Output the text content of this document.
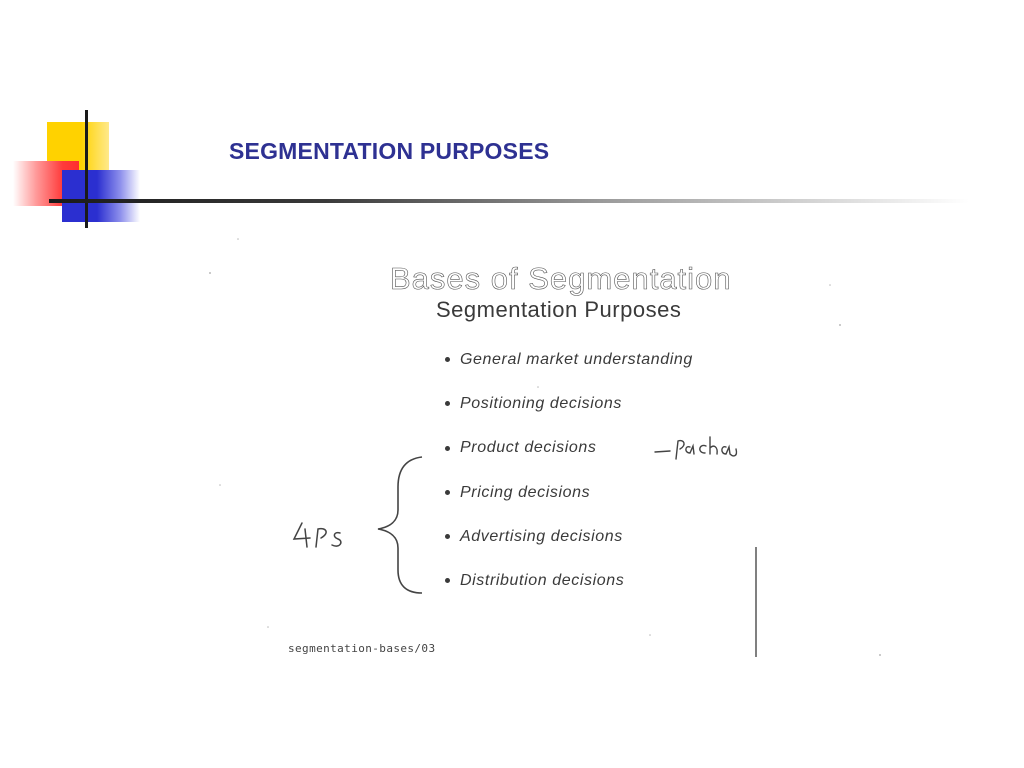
SEGMENTATION PURPOSES
Bases of Segmentation
Segmentation Purposes
General market understanding
Positioning decisions
Product decisions
Pricing decisions
Advertising decisions
Distribution decisions
segmentation-bases/03
